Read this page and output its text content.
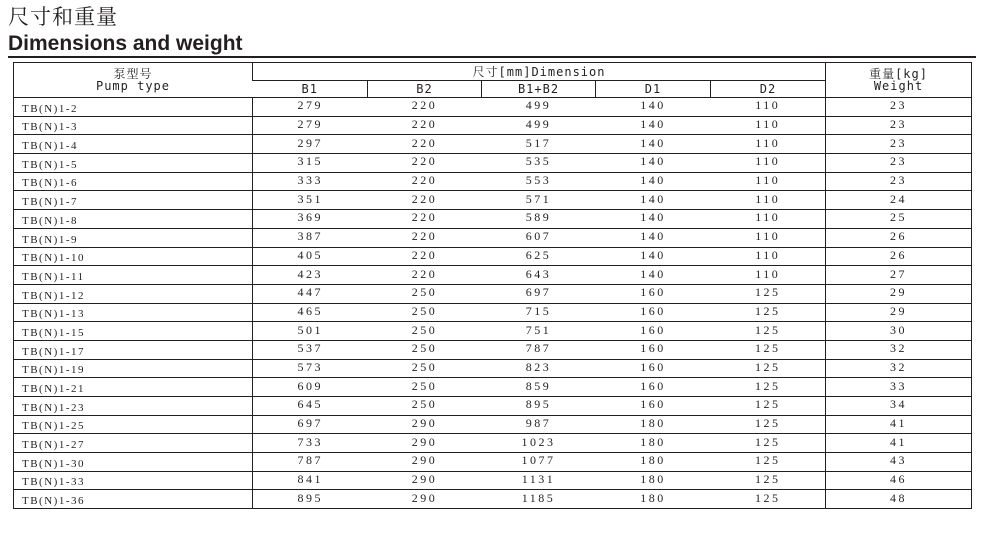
尺寸和重量
Dimensions and weight
泵型号
Pump type	尺寸[mm]Dimension					重量[kg]
Weight

	B1	B2	B1+B2	D1	D2	
TB(N)1-2	279	220	499	140	110	23
TB(N)1-3	279	220	499	140	110	23
TB(N)1-4	297	220	517	140	110	23
TB(N)1-5	315	220	535	140	110	23
TB(N)1-6	333	220	553	140	110	23
TB(N)1-7	351	220	571	140	110	24
TB(N)1-8	369	220	589	140	110	25
TB(N)1-9	387	220	607	140	110	26
TB(N)1-10	405	220	625	140	110	26
TB(N)1-11	423	220	643	140	110	27
TB(N)1-12	447	250	697	160	125	29
TB(N)1-13	465	250	715	160	125	29
TB(N)1-15	501	250	751	160	125	30
TB(N)1-17	537	250	787	160	125	32
TB(N)1-19	573	250	823	160	125	32
TB(N)1-21	609	250	859	160	125	33
TB(N)1-23	645	250	895	160	125	34
TB(N)1-25	697	290	987	180	125	41
TB(N)1-27	733	290	1023	180	125	41
TB(N)1-30	787	290	1077	180	125	43
TB(N)1-33	841	290	1131	180	125	46
TB(N)1-36	895	290	1185	180	125	48
